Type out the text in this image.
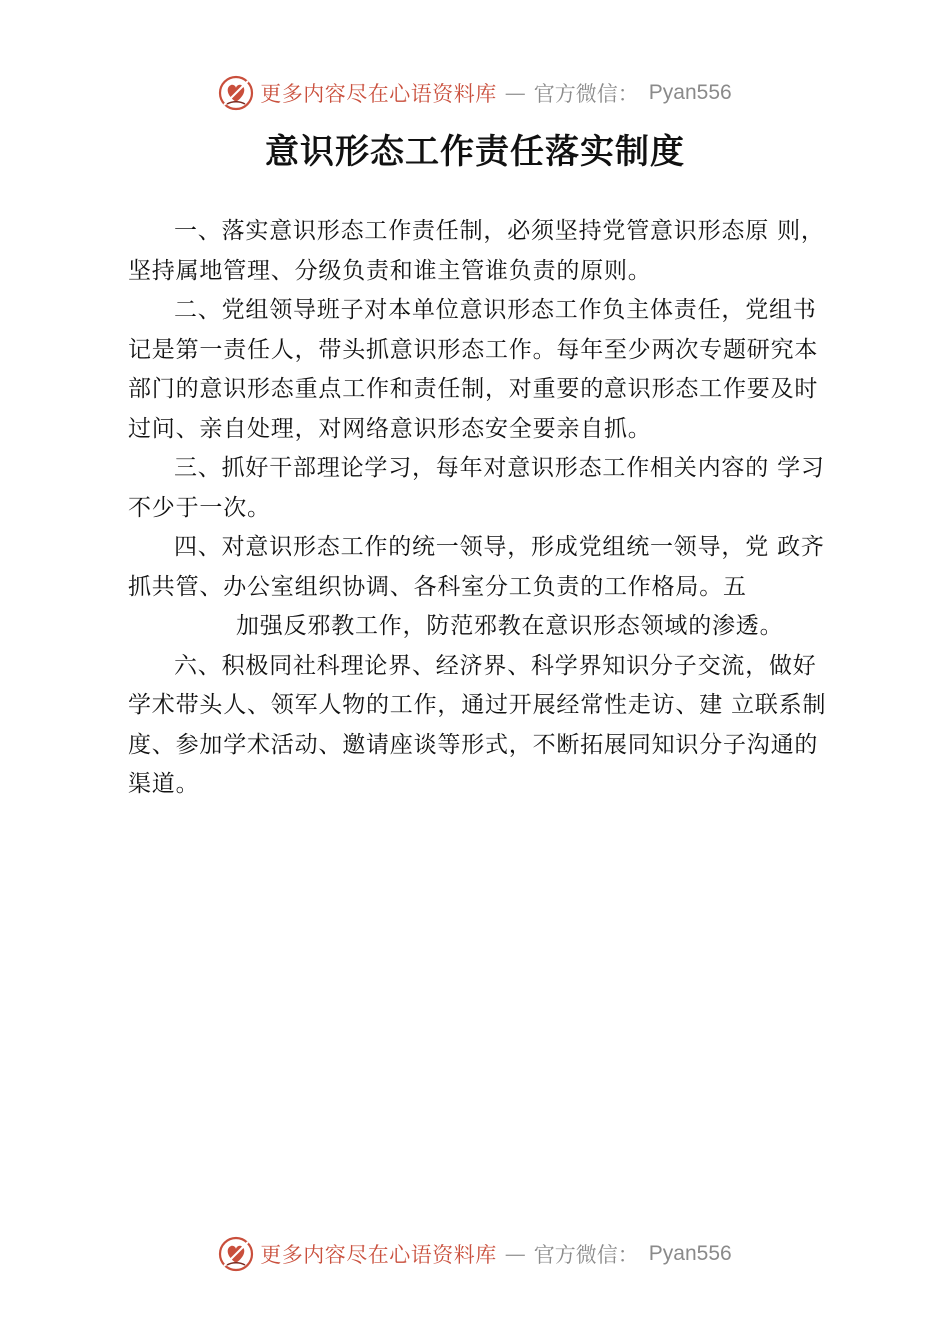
更多内容尽在心语资料库 — 官方微信： Pyan556
意识形态工作责任落实制度

一、落实意识形态工作责任制，必须坚持党管意识形态原 则，坚持属地管理、分级负责和谁主管谁负责的原则。

二、党组领导班子对本单位意识形态工作负主体责任，党组书记是第一责任人，带头抓意识形态工作。每年至少两次专题研究本部门的意识形态重点工作和责任制，对重要的意识形态工作要及时过问、亲自处理，对网络意识形态安全要亲自抓。

三、抓好干部理论学习，每年对意识形态工作相关内容的 学习不少于一次。

四、对意识形态工作的统一领导，形成党组统一领导，党 政齐抓共管、办公室组织协调、各科室分工负责的工作格局。五

加强反邪教工作，防范邪教在意识形态领域的渗透。

六、积极同社科理论界、经济界、科学界知识分子交流，做好学术带头人、领军人物的工作，通过开展经常性走访、建 立联系制度、参加学术活动、邀请座谈等形式，不断拓展同知识分子沟通的渠道。

更多内容尽在心语资料库 — 官方微信： Pyan556
